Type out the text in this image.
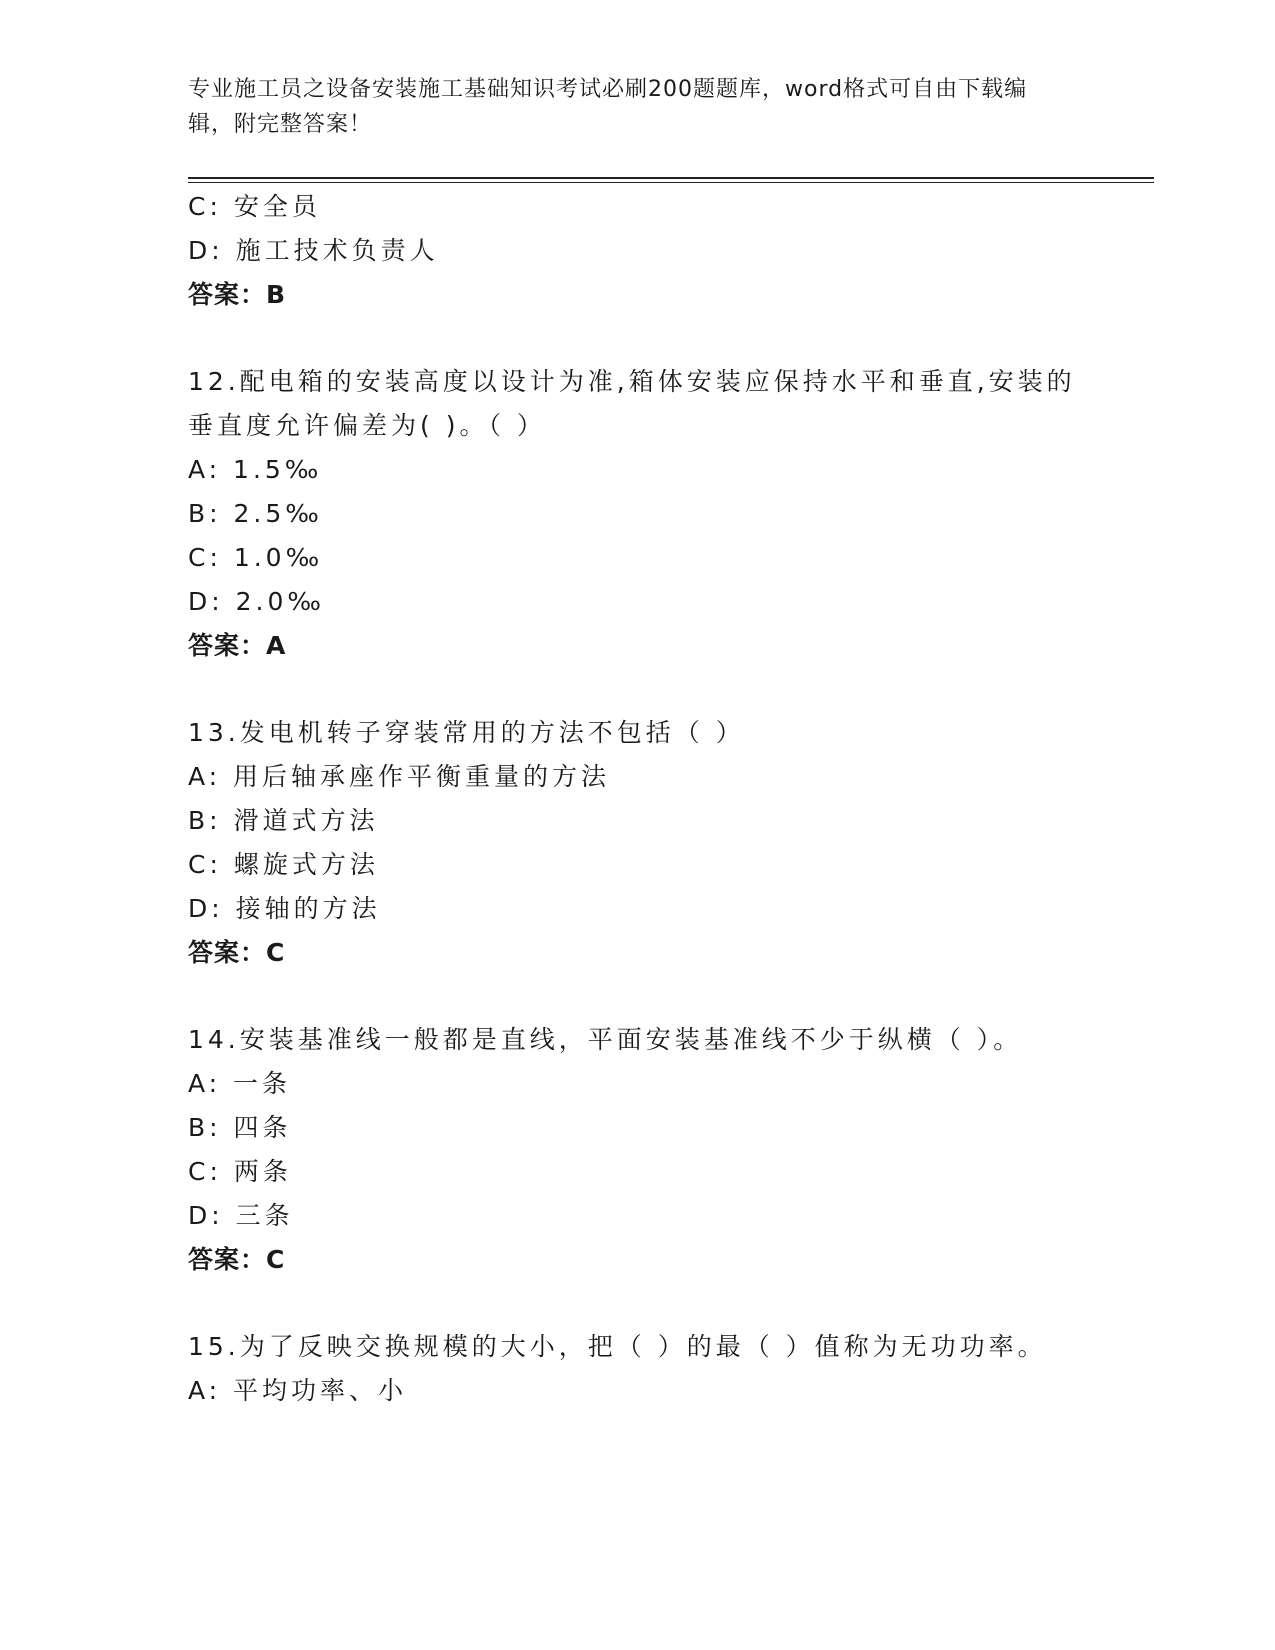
专业施工员之设备安装施工基础知识考试必刷200题题库，word格式可自由下载编辑，附完整答案！

C: 安全员
D: 施工技术负责人
答案：B
12.配电箱的安装高度以设计为准,箱体安装应保持水平和垂直,安装的
垂直度允许偏差为( )。（ ）
A: 1.5‰
B: 2.5‰
C: 1.0‰
D: 2.0‰
答案：A
13.发电机转子穿装常用的方法不包括（ ）
A: 用后轴承座作平衡重量的方法
B: 滑道式方法
C: 螺旋式方法
D: 接轴的方法
答案：C
14.安装基准线一般都是直线，平面安装基准线不少于纵横（ ）。
A: 一条
B: 四条
C: 两条
D: 三条
答案：C
15.为了反映交换规模的大小，把（ ）的最（ ）值称为无功功率。
A: 平均功率、小
